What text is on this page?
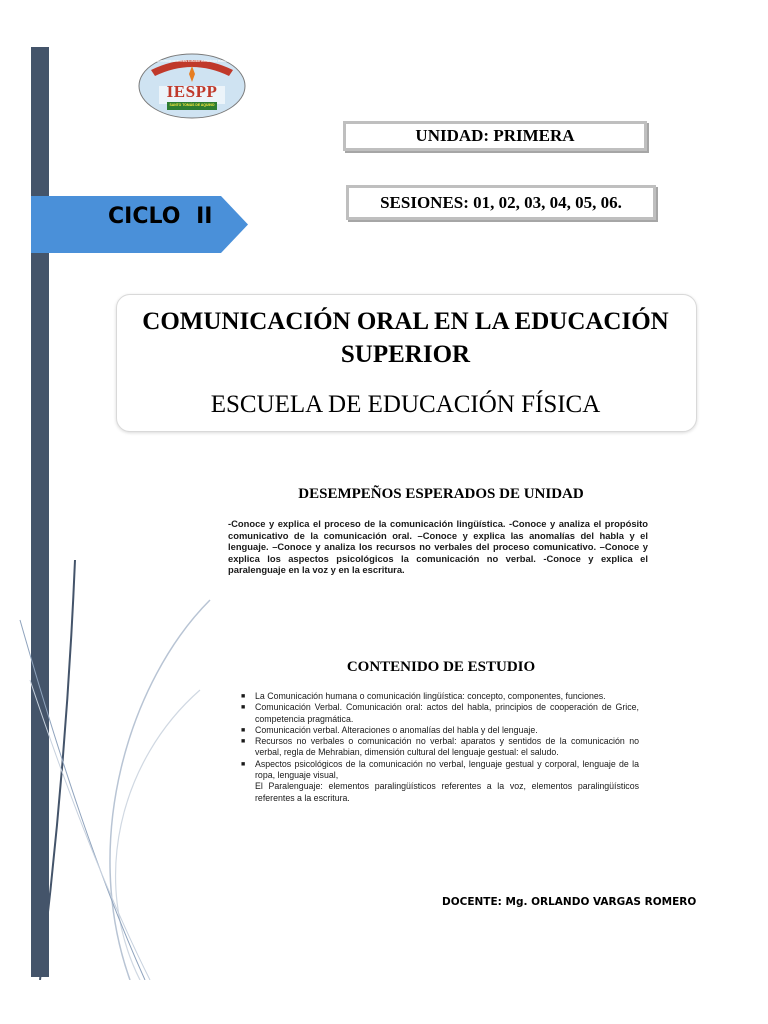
INSTITUTO DE EDUCACIÓN SUPERIOR PEDAGÓGICO PÚBLICO
IESPP
SANTO TOMÁS DE AQUINO
UNIDAD: PRIMERA
SESIONES: 01, 02, 03, 04, 05, 06.
CICLO II
COMUNICACIÓN ORAL EN LA EDUCACIÓN SUPERIOR
ESCUELA DE EDUCACIÓN FÍSICA
DESEMPEÑOS ESPERADOS DE UNIDAD
-Conoce y explica el proceso de la comunicación lingüística. -Conoce y analiza el propósito comunicativo de la comunicación oral. –Conoce y explica las anomalías del habla y el lenguaje. –Conoce y analiza los recursos no verbales del proceso comunicativo. –Conoce y explica los aspectos psicológicos la comunicación no verbal. -Conoce y explica el paralenguaje en la voz y en la escritura.
CONTENIDO DE ESTUDIO
■ La Comunicación humana o comunicación lingüística: concepto, componentes, funciones.
■ Comunicación Verbal. Comunicación oral: actos del habla, principios de cooperación de Grice, competencia pragmática.
■ Comunicación verbal. Alteraciones o anomalías del habla y del lenguaje.
■ Recursos no verbales o comunicación no verbal: aparatos y sentidos de la comunicación no verbal, regla de Mehrabian, dimensión cultural del lenguaje gestual: el saludo.
■ Aspectos psicológicos de la comunicación no verbal, lenguaje gestual y corporal, lenguaje de la ropa, lenguaje visual,
El Paralenguaje: elementos paralingüísticos referentes a la voz, elementos paralingüísticos referentes a la escritura.
DOCENTE: Mg. ORLANDO VARGAS ROMERO
